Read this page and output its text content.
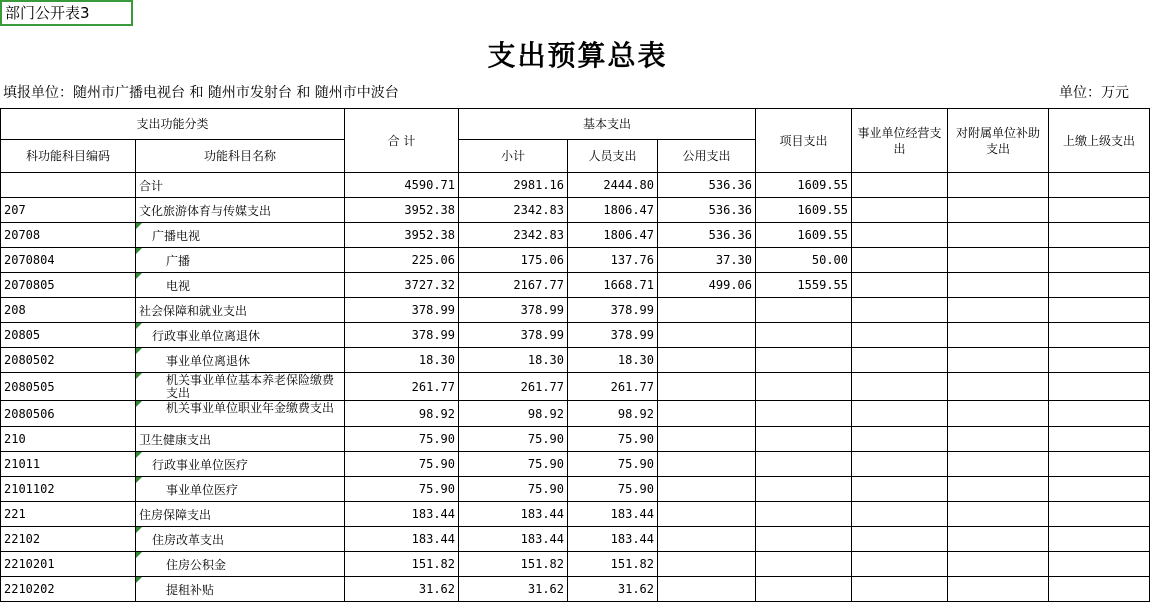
部门公开表3
支出预算总表
填报单位：随州市广播电视台 和 随州市发射台 和 随州市中波台	单位：万元
支出功能分类		合 计	基本支出			项目支出	事业单位经营支出	对附属单位补助支出	上缴上级支出
科功能科目编码	功能科目名称		小计	人员支出	公用支出				
	合计	4590.71	2981.16	2444.80	536.36	1609.55			
207	文化旅游体育与传媒支出	3952.38	2342.83	1806.47	536.36	1609.55			
20708	广播电视	3952.38	2342.83	1806.47	536.36	1609.55			
2070804	广播	225.06	175.06	137.76	37.30	50.00			
2070805	电视	3727.32	2167.77	1668.71	499.06	1559.55			
208	社会保障和就业支出	378.99	378.99	378.99					
20805	行政事业单位离退休	378.99	378.99	378.99					
2080502	事业单位离退休	18.30	18.30	18.30					
2080505	机关事业单位基本养老保险缴费支出	261.77	261.77	261.77					
2080506	机关事业单位职业年金缴费支出	98.92	98.92	98.92					
210	卫生健康支出	75.90	75.90	75.90					
21011	行政事业单位医疗	75.90	75.90	75.90					
2101102	事业单位医疗	75.90	75.90	75.90					
221	住房保障支出	183.44	183.44	183.44					
22102	住房改革支出	183.44	183.44	183.44					
2210201	住房公积金	151.82	151.82	151.82					
2210202	提租补贴	31.62	31.62	31.62					
